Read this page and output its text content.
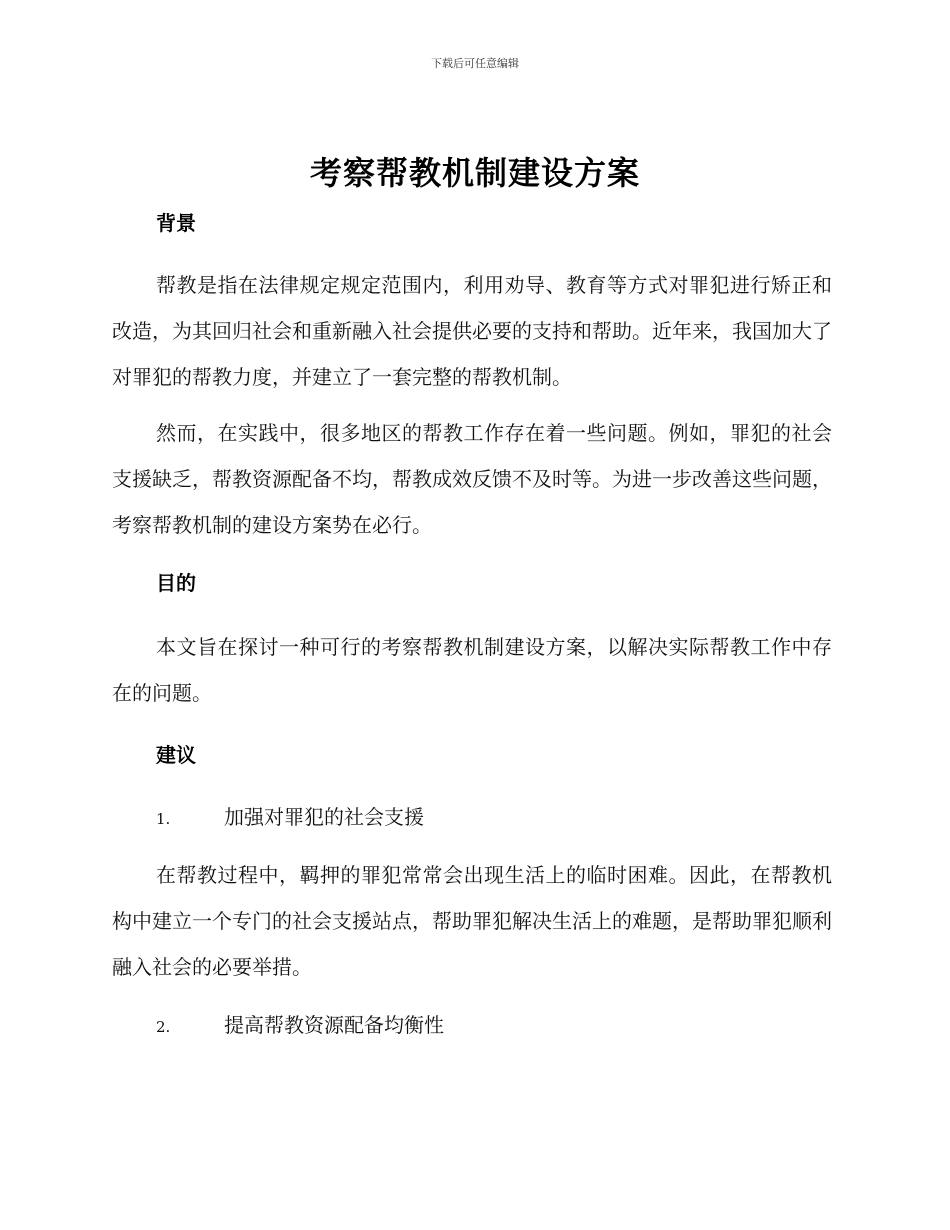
下载后可任意编辑
考察帮教机制建设方案
背景

帮教是指在法律规定规定范围内，利用劝导、教育等方式对罪犯进行矫正和改造，为其回归社会和重新融入社会提供必要的支持和帮助。近年来，我国加大了对罪犯的帮教力度，并建立了一套完整的帮教机制。

然而，在实践中，很多地区的帮教工作存在着一些问题。例如，罪犯的社会支援缺乏，帮教资源配备不均，帮教成效反馈不及时等。为进一步改善这些问题，考察帮教机制的建设方案势在必行。

目的

本文旨在探讨一种可行的考察帮教机制建设方案，以解决实际帮教工作中存在的问题。

建议
1.	加强对罪犯的社会支援

在帮教过程中，羁押的罪犯常常会出现生活上的临时困难。因此，在帮教机构中建立一个专门的社会支援站点，帮助罪犯解决生活上的难题，是帮助罪犯顺利融入社会的必要举措。

2.	提高帮教资源配备均衡性
